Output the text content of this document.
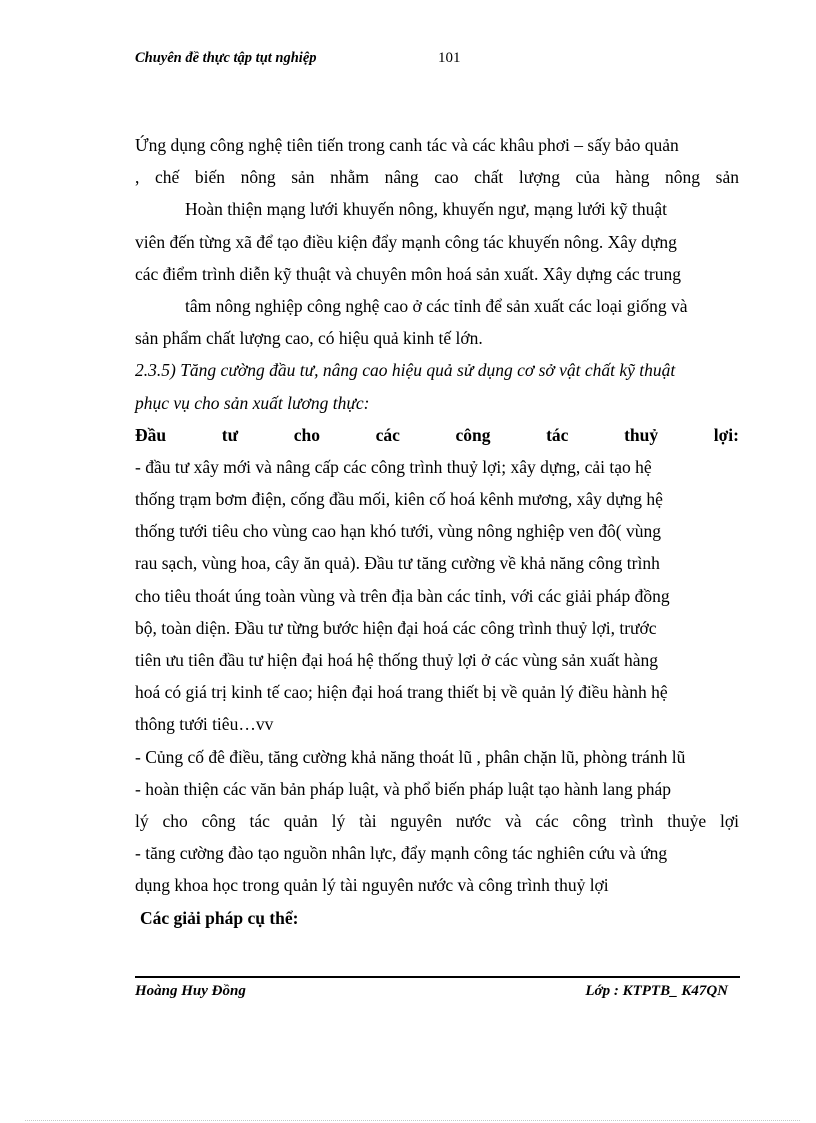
Chuyên đề thực tập tụt nghiệp	101
Ứng dụng công nghệ tiên tiến trong canh tác và các khâu phơi – sấy bảo quản
, chế biến nông sản nhằm nâng cao chất lượng của hàng nông sản
Hoàn thiện mạng lưới khuyến nông, khuyến ngư, mạng lưới kỹ thuật
viên đến từng xã để tạo điều kiện đẩy mạnh công tác khuyến nông. Xây dựng
các điểm trình diễn kỹ thuật và chuyên môn hoá sản xuất. Xây dựng các trung
tâm nông nghiệp công nghệ cao ở các tỉnh để sản xuất các loại giống và
sản phẩm chất lượng cao, có hiệu quả kinh tế lớn.
2.3.5) Tăng cường đầu tư, nâng cao hiệu quả sử dụng cơ sở vật chất kỹ thuật
phục vụ cho sản xuất lương thực:
Đầu tư cho các công tác thuỷ lợi:
- đầu tư xây mới và nâng cấp các công trình thuỷ lợi; xây dựng, cải tạo hệ
thống trạm bơm điện, cống đầu mối, kiên cố hoá kênh mương, xây dựng hệ
thống tưới tiêu cho vùng cao hạn khó tưới, vùng nông nghiệp ven đô( vùng
rau sạch, vùng hoa, cây ăn quả). Đầu tư tăng cường về khả năng công trình
cho tiêu thoát úng toàn vùng và trên địa bàn các tỉnh, với các giải pháp đồng
bộ, toàn diện. Đầu tư từng bước hiện đại hoá các công trình thuỷ lợi, trước
tiên ưu tiên đầu tư hiện đại hoá hệ thống thuỷ lợi ở các vùng sản xuất hàng
hoá có giá trị kinh tế cao; hiện đại hoá trang thiết bị về quản lý điều hành hệ
thông tưới tiêu…vv
- Củng cố đê điều, tăng cường khả năng thoát lũ , phân chặn lũ, phòng tránh lũ
- hoàn thiện các văn bản pháp luật, và phổ biến pháp luật tạo hành lang pháp
lý cho công tác quản lý tài nguyên nước và các công trình thuỷe lợi
- tăng cường đào tạo nguồn nhân lực, đẩy mạnh công tác nghiên cứu và ứng
dụng khoa học trong quản lý tài nguyên nước và công trình thuỷ lợi
Các giải pháp cụ thể:
Hoàng Huy Đồng	Lớp : KTPTB_ K47QN
